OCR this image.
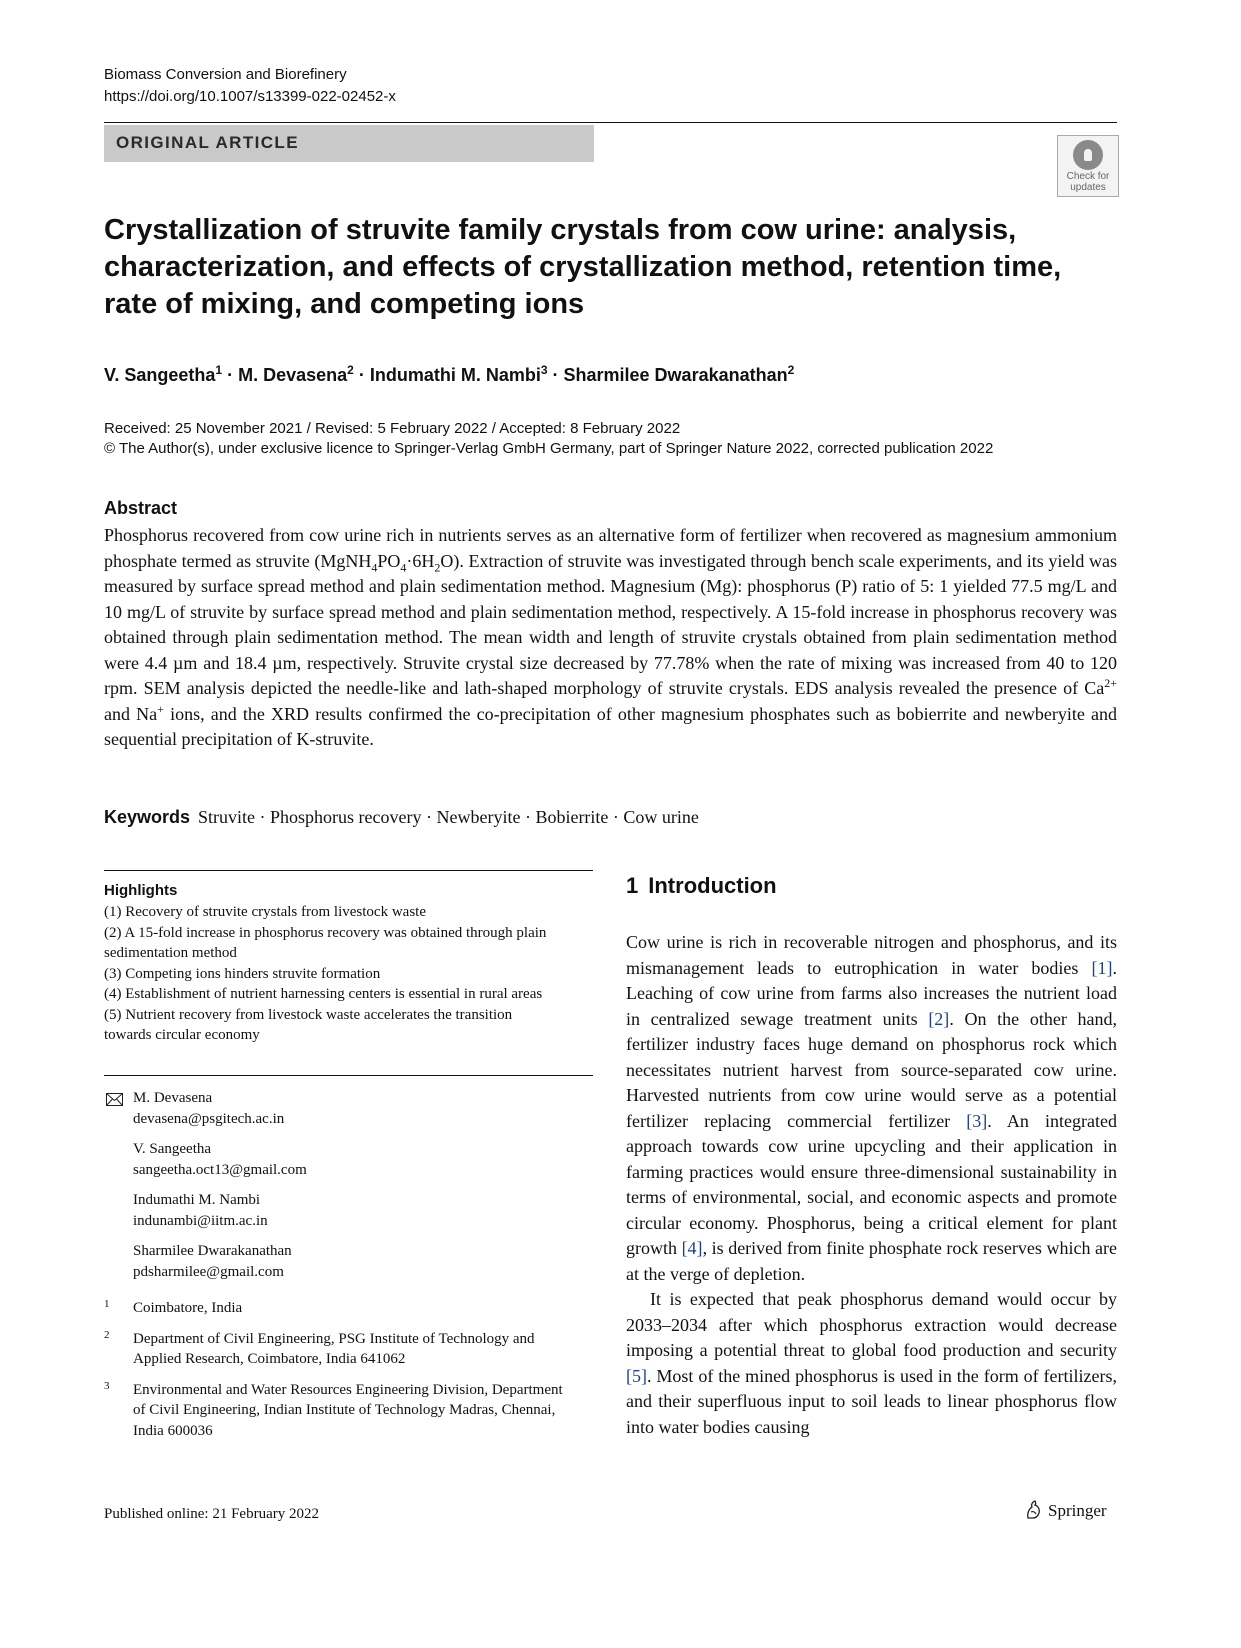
Biomass Conversion and Biorefinery
https://doi.org/10.1007/s13399-022-02452-x
ORIGINAL ARTICLE
Check for
updates
Crystallization of struvite family crystals from cow urine: analysis, characterization, and effects of crystallization method, retention time, rate of mixing, and competing ions
V. Sangeetha$^1$ · M. Devasena$^2$ · Indumathi M. Nambi$^3$ · Sharmilee Dwarakanathan$^2$
Received: 25 November 2021 / Revised: 5 February 2022 / Accepted: 8 February 2022
© The Author(s), under exclusive licence to Springer-Verlag GmbH Germany, part of Springer Nature 2022, corrected publication 2022
Abstract
Phosphorus recovered from cow urine rich in nutrients serves as an alternative form of fertilizer when recovered as magnesium ammonium phosphate termed as struvite $(MgNH_4PO_4\cdot 6H_2O)$. Extraction of struvite was investigated through bench scale experiments, and its yield was measured by surface spread method and plain sedimentation method. Magnesium (Mg): phosphorus (P) ratio of 5: 1 yielded 77.5 mg/L and 10 mg/L of struvite by surface spread method and plain sedimentation method, respectively. A 15-fold increase in phosphorus recovery was obtained through plain sedimentation method. The mean width and length of struvite crystals obtained from plain sedimentation method were 4.4 µm and 18.4 µm, respectively. Struvite crystal size decreased by 77.78% when the rate of mixing was increased from 40 to 120 rpm. SEM analysis depicted the needle-like and lath-shaped morphology of struvite crystals. EDS analysis revealed the presence of $Ca^{2+}$ and Na+ ions, and the XRD results confirmed the co-precipitation of other magnesium phosphates such as bobierrite and newberyite and sequential precipitation of K-struvite.
Keywords Struvite · Phosphorus recovery · Newberyite · Bobierrite · Cow urine
Highlights
(1) Recovery of struvite crystals from livestock waste
(2) A 15-fold increase in phosphorus recovery was obtained through plain sedimentation method
(3) Competing ions hinders struvite formation
(4) Establishment of nutrient harnessing centers is essential in rural areas
(5) Nutrient recovery from livestock waste accelerates the transition towards circular economy
M. Devasena
devasena@psgitech.ac.in
V. Sangeetha
sangeetha.oct13@gmail.com
Indumathi M. Nambi
indunambi@iitm.ac.in
Sharmilee Dwarakanathan
pdsharmilee@gmail.com
1 Coimbatore, India
2 Department of Civil Engineering, PSG Institute of Technology and Applied Research, Coimbatore, India 641062
3 Environmental and Water Resources Engineering Division, Department of Civil Engineering, Indian Institute of Technology Madras, Chennai, India 600036
1 Introduction

Cow urine is rich in recoverable nitrogen and phosphorus, and its mismanagement leads to eutrophication in water bodies [1]. Leaching of cow urine from farms also increases the nutrient load in centralized sewage treatment units [2]. On the other hand, fertilizer industry faces huge demand on phosphorus rock which necessitates nutrient harvest from source-separated cow urine. Harvested nutrients from cow urine would serve as a potential fertilizer replacing commercial fertilizer [3]. An integrated approach towards cow urine upcycling and their application in farming practices would ensure three-dimensional sustainability in terms of environmental, social, and economic aspects and promote circular economy. Phosphorus, being a critical element for plant growth [4], is derived from finite phosphate rock reserves which are at the verge of depletion.

It is expected that peak phosphorus demand would occur by 2033–2034 after which phosphorus extraction would decrease imposing a potential threat to global food production and security [5]. Most of the mined phosphorus is used in the form of fertilizers, and their superfluous input to soil leads to linear phosphorus flow into water bodies causing

Published online: 21 February 2022	Springer
